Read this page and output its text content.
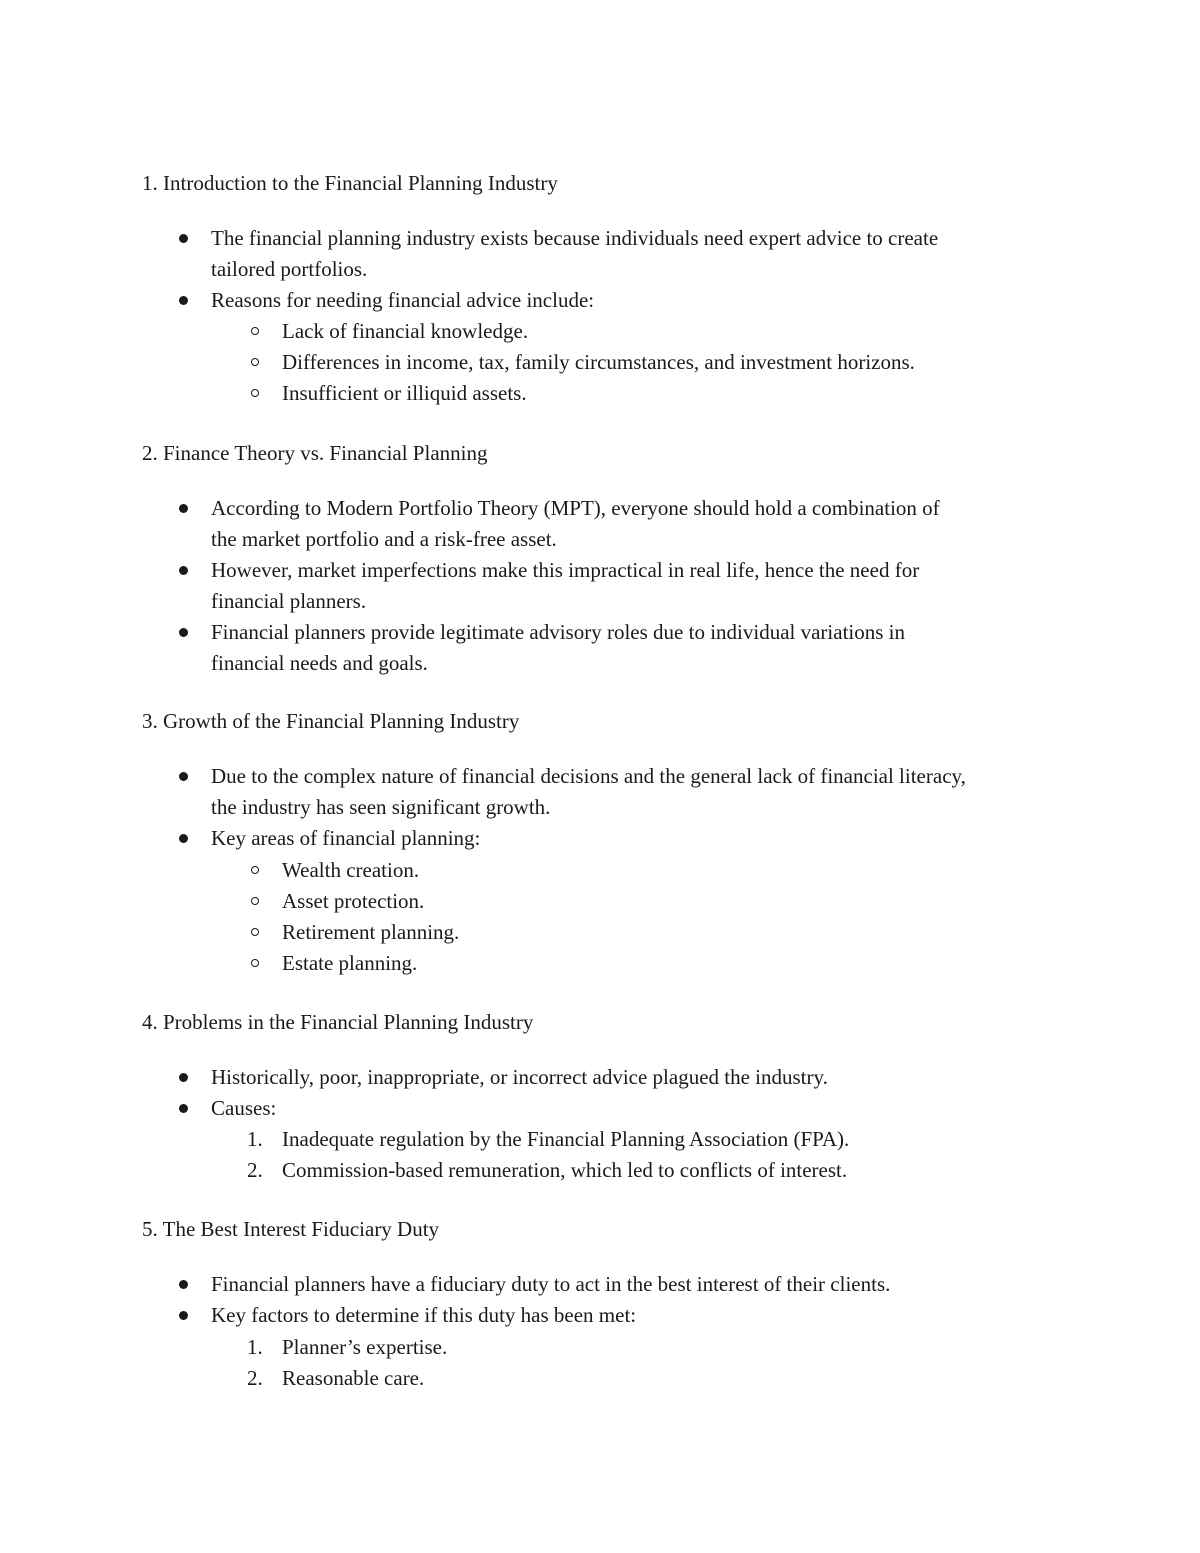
1. Introduction to the Financial Planning Industry
The financial planning industry exists because individuals need expert advice to create
tailored portfolios.
Reasons for needing financial advice include:
Lack of financial knowledge.
Differences in income, tax, family circumstances, and investment horizons.
Insufficient or illiquid assets.
2. Finance Theory vs. Financial Planning
According to Modern Portfolio Theory (MPT), everyone should hold a combination of
the market portfolio and a risk-free asset.
However, market imperfections make this impractical in real life, hence the need for
financial planners.
Financial planners provide legitimate advisory roles due to individual variations in
financial needs and goals.
3. Growth of the Financial Planning Industry
Due to the complex nature of financial decisions and the general lack of financial literacy,
the industry has seen significant growth.
Key areas of financial planning:
Wealth creation.
Asset protection.
Retirement planning.
Estate planning.
4. Problems in the Financial Planning Industry
Historically, poor, inappropriate, or incorrect advice plagued the industry.
Causes:
1. Inadequate regulation by the Financial Planning Association (FPA).
2. Commission-based remuneration, which led to conflicts of interest.
5. The Best Interest Fiduciary Duty
Financial planners have a fiduciary duty to act in the best interest of their clients.
Key factors to determine if this duty has been met:
1. Planner’s expertise.
2. Reasonable care.
